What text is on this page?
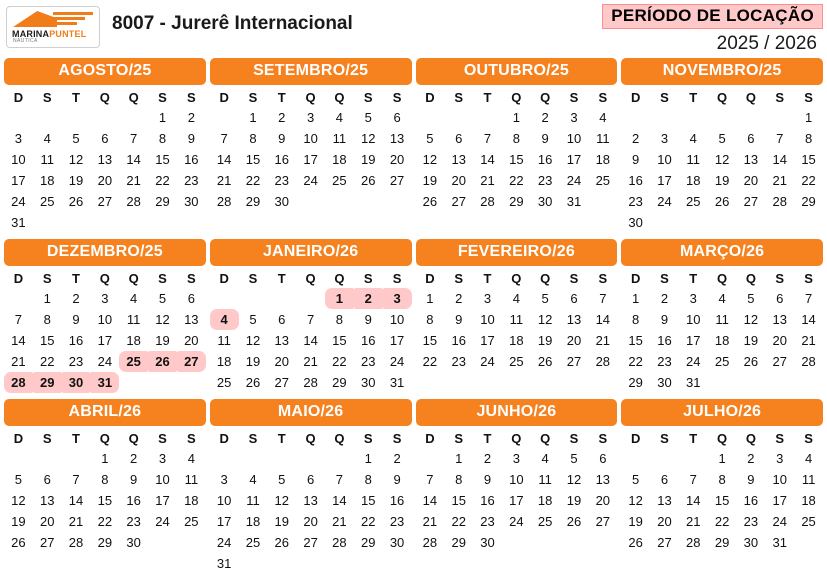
MARINAPUNTEL
NÁUTICA
8007 - Jurerê Internacional	PERÍODO DE LOCAÇÃO
2025 / 2026
AGOSTO/25
D	S	T	Q	Q	S	S
					1	2
3	4	5	6	7	8	9
10	11	12	13	14	15	16
17	18	19	20	21	22	23
24	25	26	27	28	29	30
31						
SETEMBRO/25
D	S	T	Q	Q	S	S
	1	2	3	4	5	6
7	8	9	10	11	12	13
14	15	16	17	18	19	20
21	22	23	24	25	26	27
28	29	30				
OUTUBRO/25
D	S	T	Q	Q	S	S
			1	2	3	4
5	6	7	8	9	10	11
12	13	14	15	16	17	18
19	20	21	22	23	24	25
26	27	28	29	30	31	
NOVEMBRO/25
D	S	T	Q	Q	S	S
						1
2	3	4	5	6	7	8
9	10	11	12	13	14	15
16	17	18	19	20	21	22
23	24	25	26	27	28	29
30						
DEZEMBRO/25
D	S	T	Q	Q	S	S
	1	2	3	4	5	6
7	8	9	10	11	12	13
14	15	16	17	18	19	20
21	22	23	24	25	26	27
28	29	30	31			
JANEIRO/26
D	S	T	Q	Q	S	S
				1	2	3
4	5	6	7	8	9	10
11	12	13	14	15	16	17
18	19	20	21	22	23	24
25	26	27	28	29	30	31
FEVEREIRO/26
D	S	T	Q	Q	S	S
1	2	3	4	5	6	7
8	9	10	11	12	13	14
15	16	17	18	19	20	21
22	23	24	25	26	27	28
MARÇO/26
D	S	T	Q	Q	S	S
1	2	3	4	5	6	7
8	9	10	11	12	13	14
15	16	17	18	19	20	21
22	23	24	25	26	27	28
29	30	31				
ABRIL/26
D	S	T	Q	Q	S	S
			1	2	3	4
5	6	7	8	9	10	11
12	13	14	15	16	17	18
19	20	21	22	23	24	25
26	27	28	29	30		
MAIO/26
D	S	T	Q	Q	S	S
					1	2
3	4	5	6	7	8	9
10	11	12	13	14	15	16
17	18	19	20	21	22	23
24	25	26	27	28	29	30
31						
JUNHO/26
D	S	T	Q	Q	S	S
	1	2	3	4	5	6
7	8	9	10	11	12	13
14	15	16	17	18	19	20
21	22	23	24	25	26	27
28	29	30				
JULHO/26
D	S	T	Q	Q	S	S
			1	2	3	4
5	6	7	8	9	10	11
12	13	14	15	16	17	18
19	20	21	22	23	24	25
26	27	28	29	30	31	
